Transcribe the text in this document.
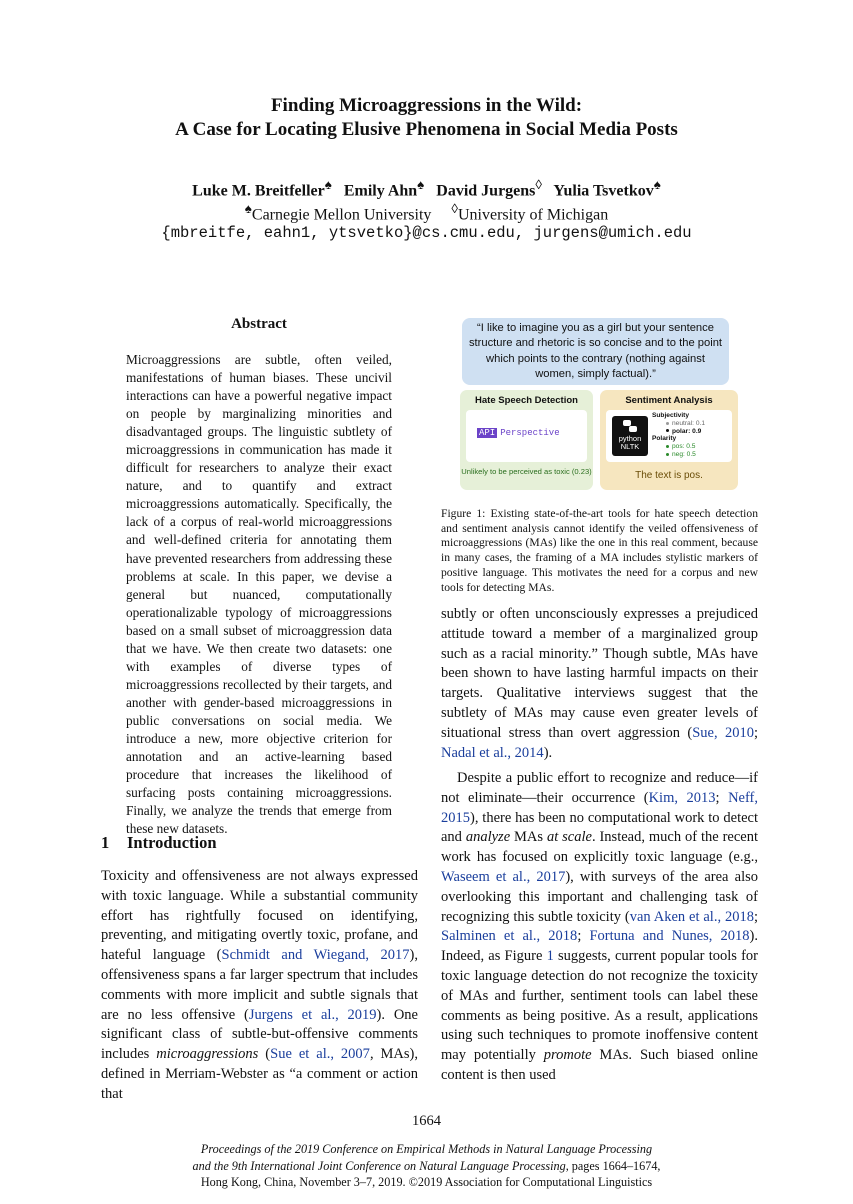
Finding Microaggressions in the Wild:
A Case for Locating Elusive Phenomena in Social Media Posts
Luke M. Breitfeller♠ Emily Ahn♠ David Jurgens◊ Yulia Tsvetkov♠
♠Carnegie Mellon University ◊University of Michigan
{mbreitfe, eahn1, ytsvetko}@cs.cmu.edu, jurgens@umich.edu
Abstract
Microaggressions are subtle, often veiled, manifestations of human biases. These uncivil interactions can have a powerful negative impact on people by marginalizing minorities and disadvantaged groups. The linguistic subtlety of microaggressions in communication has made it difficult for researchers to analyze their exact nature, and to quantify and extract microaggressions automatically. Specifically, the lack of a corpus of real-world microaggressions and well-defined criteria for annotating them have prevented researchers from addressing these problems at scale. In this paper, we devise a general but nuanced, computationally operationalizable typology of microaggressions based on a small subset of microaggression data that we have. We then create two datasets: one with examples of diverse types of microaggressions recollected by their targets, and another with gender-based microaggressions in public conversations on social media. We introduce a new, more objective criterion for annotation and an active-learning based procedure that increases the likelihood of surfacing posts containing microaggressions. Finally, we analyze the trends that emerge from these new datasets.
“I like to imagine you as a girl but your sentence structure and rhetoric is so concise and to the point which points to the contrary (nothing against women, simply factual).”
Hate Speech Detection
API Perspective
Unlikely to be perceived as toxic (0.23)
Sentiment Analysis
python
NLTK
Subjectivity
neutral: 0.1
polar: 0.9
Polarity
pos: 0.5
neg: 0.5
The text is pos.
Figure 1: Existing state-of-the-art tools for hate speech detection and sentiment analysis cannot identify the veiled offensiveness of microaggressions (MAs) like the one in this real comment, because in many cases, the framing of a MA includes stylistic markers of positive language. This motivates the need for a corpus and new tools for detecting MAs.
1 Introduction
Toxicity and offensiveness are not always expressed with toxic language. While a substantial community effort has rightfully focused on identifying, preventing, and mitigating overtly toxic, profane, and hateful language (Schmidt and Wiegand, 2017), offensiveness spans a far larger spectrum that includes comments with more implicit and subtle signals that are no less offensive (Jurgens et al., 2019). One significant class of subtle-but-offensive comments includes microaggressions (Sue et al., 2007, MAs), defined in Merriam-Webster as “a comment or action that
subtly or often unconsciously expresses a prejudiced attitude toward a member of a marginalized group such as a racial minority.” Though subtle, MAs have been shown to have lasting harmful impacts on their targets. Qualitative interviews suggest that the subtlety of MAs may cause even greater levels of situational stress than overt aggression (Sue, 2010; Nadal et al., 2014).
Despite a public effort to recognize and reduce—if not eliminate—their occurrence (Kim, 2013; Neff, 2015), there has been no computational work to detect and analyze MAs at scale. Instead, much of the recent work has focused on explicitly toxic language (e.g., Waseem et al., 2017), with surveys of the area also overlooking this important and challenging task of recognizing this subtle toxicity (van Aken et al., 2018; Salminen et al., 2018; Fortuna and Nunes, 2018). Indeed, as Figure 1 suggests, current popular tools for toxic language detection do not recognize the toxicity of MAs and further, sentiment tools can label these comments as being positive. As a result, applications using such techniques to promote inoffensive content may potentially promote MAs. Such biased online content is then used
1664
Proceedings of the 2019 Conference on Empirical Methods in Natural Language Processing
and the 9th International Joint Conference on Natural Language Processing, pages 1664–1674,
Hong Kong, China, November 3–7, 2019. ©2019 Association for Computational Linguistics
